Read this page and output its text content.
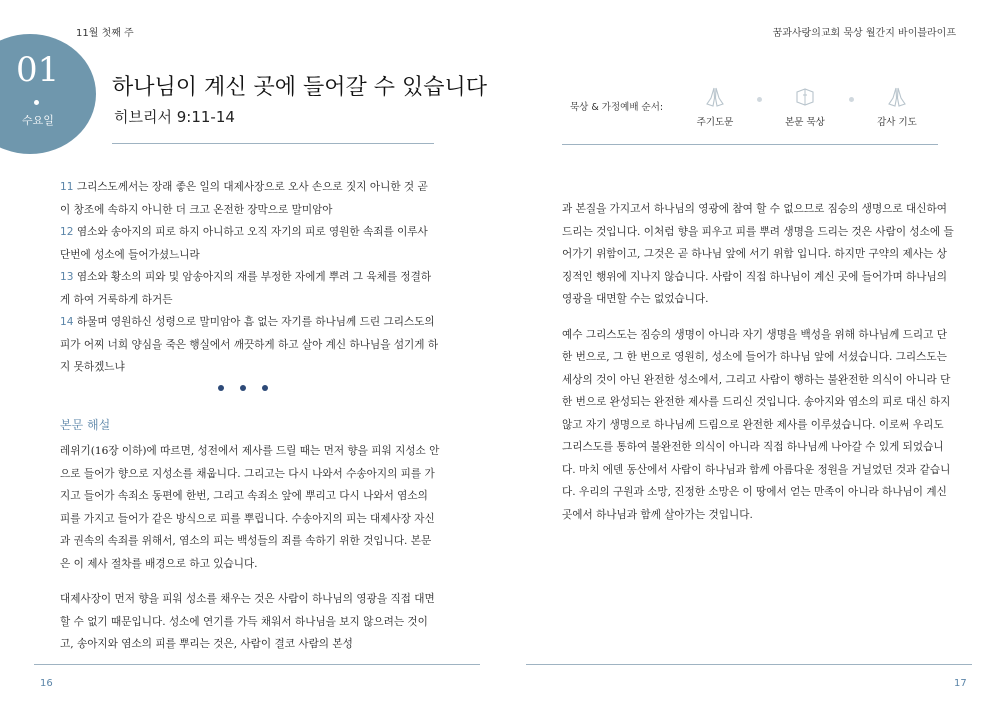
11월 첫째 주
01
수요일
하나님이 계신 곳에 들어갈 수 있습니다
히브리서 9:11-14

11 그리스도께서는 장래 좋은 일의 대제사장으로 오사 손으로 짓지 아니한 것 곧 이 창조에 속하지 아니한 더 크고 온전한 장막으로 말미암아

12 염소와 송아지의 피로 하지 아니하고 오직 자기의 피로 영원한 속죄를 이루사 단번에 성소에 들어가셨느니라

13 염소와 황소의 피와 및 암송아지의 재를 부정한 자에게 뿌려 그 육체를 정결하게 하여 거룩하게 하거든

14 하물며 영원하신 성령으로 말미암아 흠 없는 자기를 하나님께 드린 그리스도의 피가 어찌 너희 양심을 죽은 행실에서 깨끗하게 하고 살아 계신 하나님을 섬기게 하지 못하겠느냐

본문 해설

레위기(16장 이하)에 따르면, 성전에서 제사를 드릴 때는 먼저 향을 피워 지성소 안으로 들어가 향으로 지성소를 채웁니다. 그리고는 다시 나와서 수송아지의 피를 가지고 들어가 속죄소 동편에 한번, 그리고 속죄소 앞에 뿌리고 다시 나와서 염소의 피를 가지고 들어가 같은 방식으로 피를 뿌립니다. 수송아지의 피는 대제사장 자신과 권속의 속죄를 위해서, 염소의 피는 백성들의 죄를 속하기 위한 것입니다. 본문은 이 제사 절차를 배경으로 하고 있습니다.

대제사장이 먼저 향을 피워 성소를 채우는 것은 사람이 하나님의 영광을 직접 대면 할 수 없기 때문입니다. 성소에 연기를 가득 채워서 하나님을 보지 않으려는 것이고, 송아지와 염소의 피를 뿌리는 것은, 사람이 결코 사람의 본성

16
꿈과사랑의교회 묵상 월간지 바이블라이프
묵상 & 가정예배 순서:
주기도문	본문 묵상	감사 기도

과 본질을 가지고서 하나님의 영광에 참여 할 수 없으므로 짐승의 생명으로 대신하여 드리는 것입니다. 이처럼 향을 피우고 피를 뿌려 생명을 드리는 것은 사람이 성소에 들어가기 위함이고, 그것은 곧 하나님 앞에 서기 위함 입니다. 하지만 구약의 제사는 상징적인 행위에 지나지 않습니다. 사람이 직접 하나님이 계신 곳에 들어가며 하나님의 영광을 대면할 수는 없었습니다.

예수 그리스도는 짐승의 생명이 아니라 자기 생명을 백성을 위해 하나님께 드리고 단 한 번으로, 그 한 번으로 영원히, 성소에 들어가 하나님 앞에 서셨습니다. 그리스도는 세상의 것이 아닌 완전한 성소에서, 그리고 사람이 행하는 불완전한 의식이 아니라 단 한 번으로 완성되는 완전한 제사를 드리신 것입니다. 송아지와 염소의 피로 대신 하지 않고 자기 생명으로 하나님께 드림으로 완전한 제사를 이루셨습니다. 이로써 우리도 그리스도를 통하여 불완전한 의식이 아니라 직접 하나님께 나아갈 수 있게 되었습니다. 마치 에덴 동산에서 사람이 하나님과 함께 아름다운 정원을 거닐었던 것과 같습니다. 우리의 구원과 소망, 진정한 소망은 이 땅에서 얻는 만족이 아니라 하나님이 계신 곳에서 하나님과 함께 살아가는 것입니다.

17
